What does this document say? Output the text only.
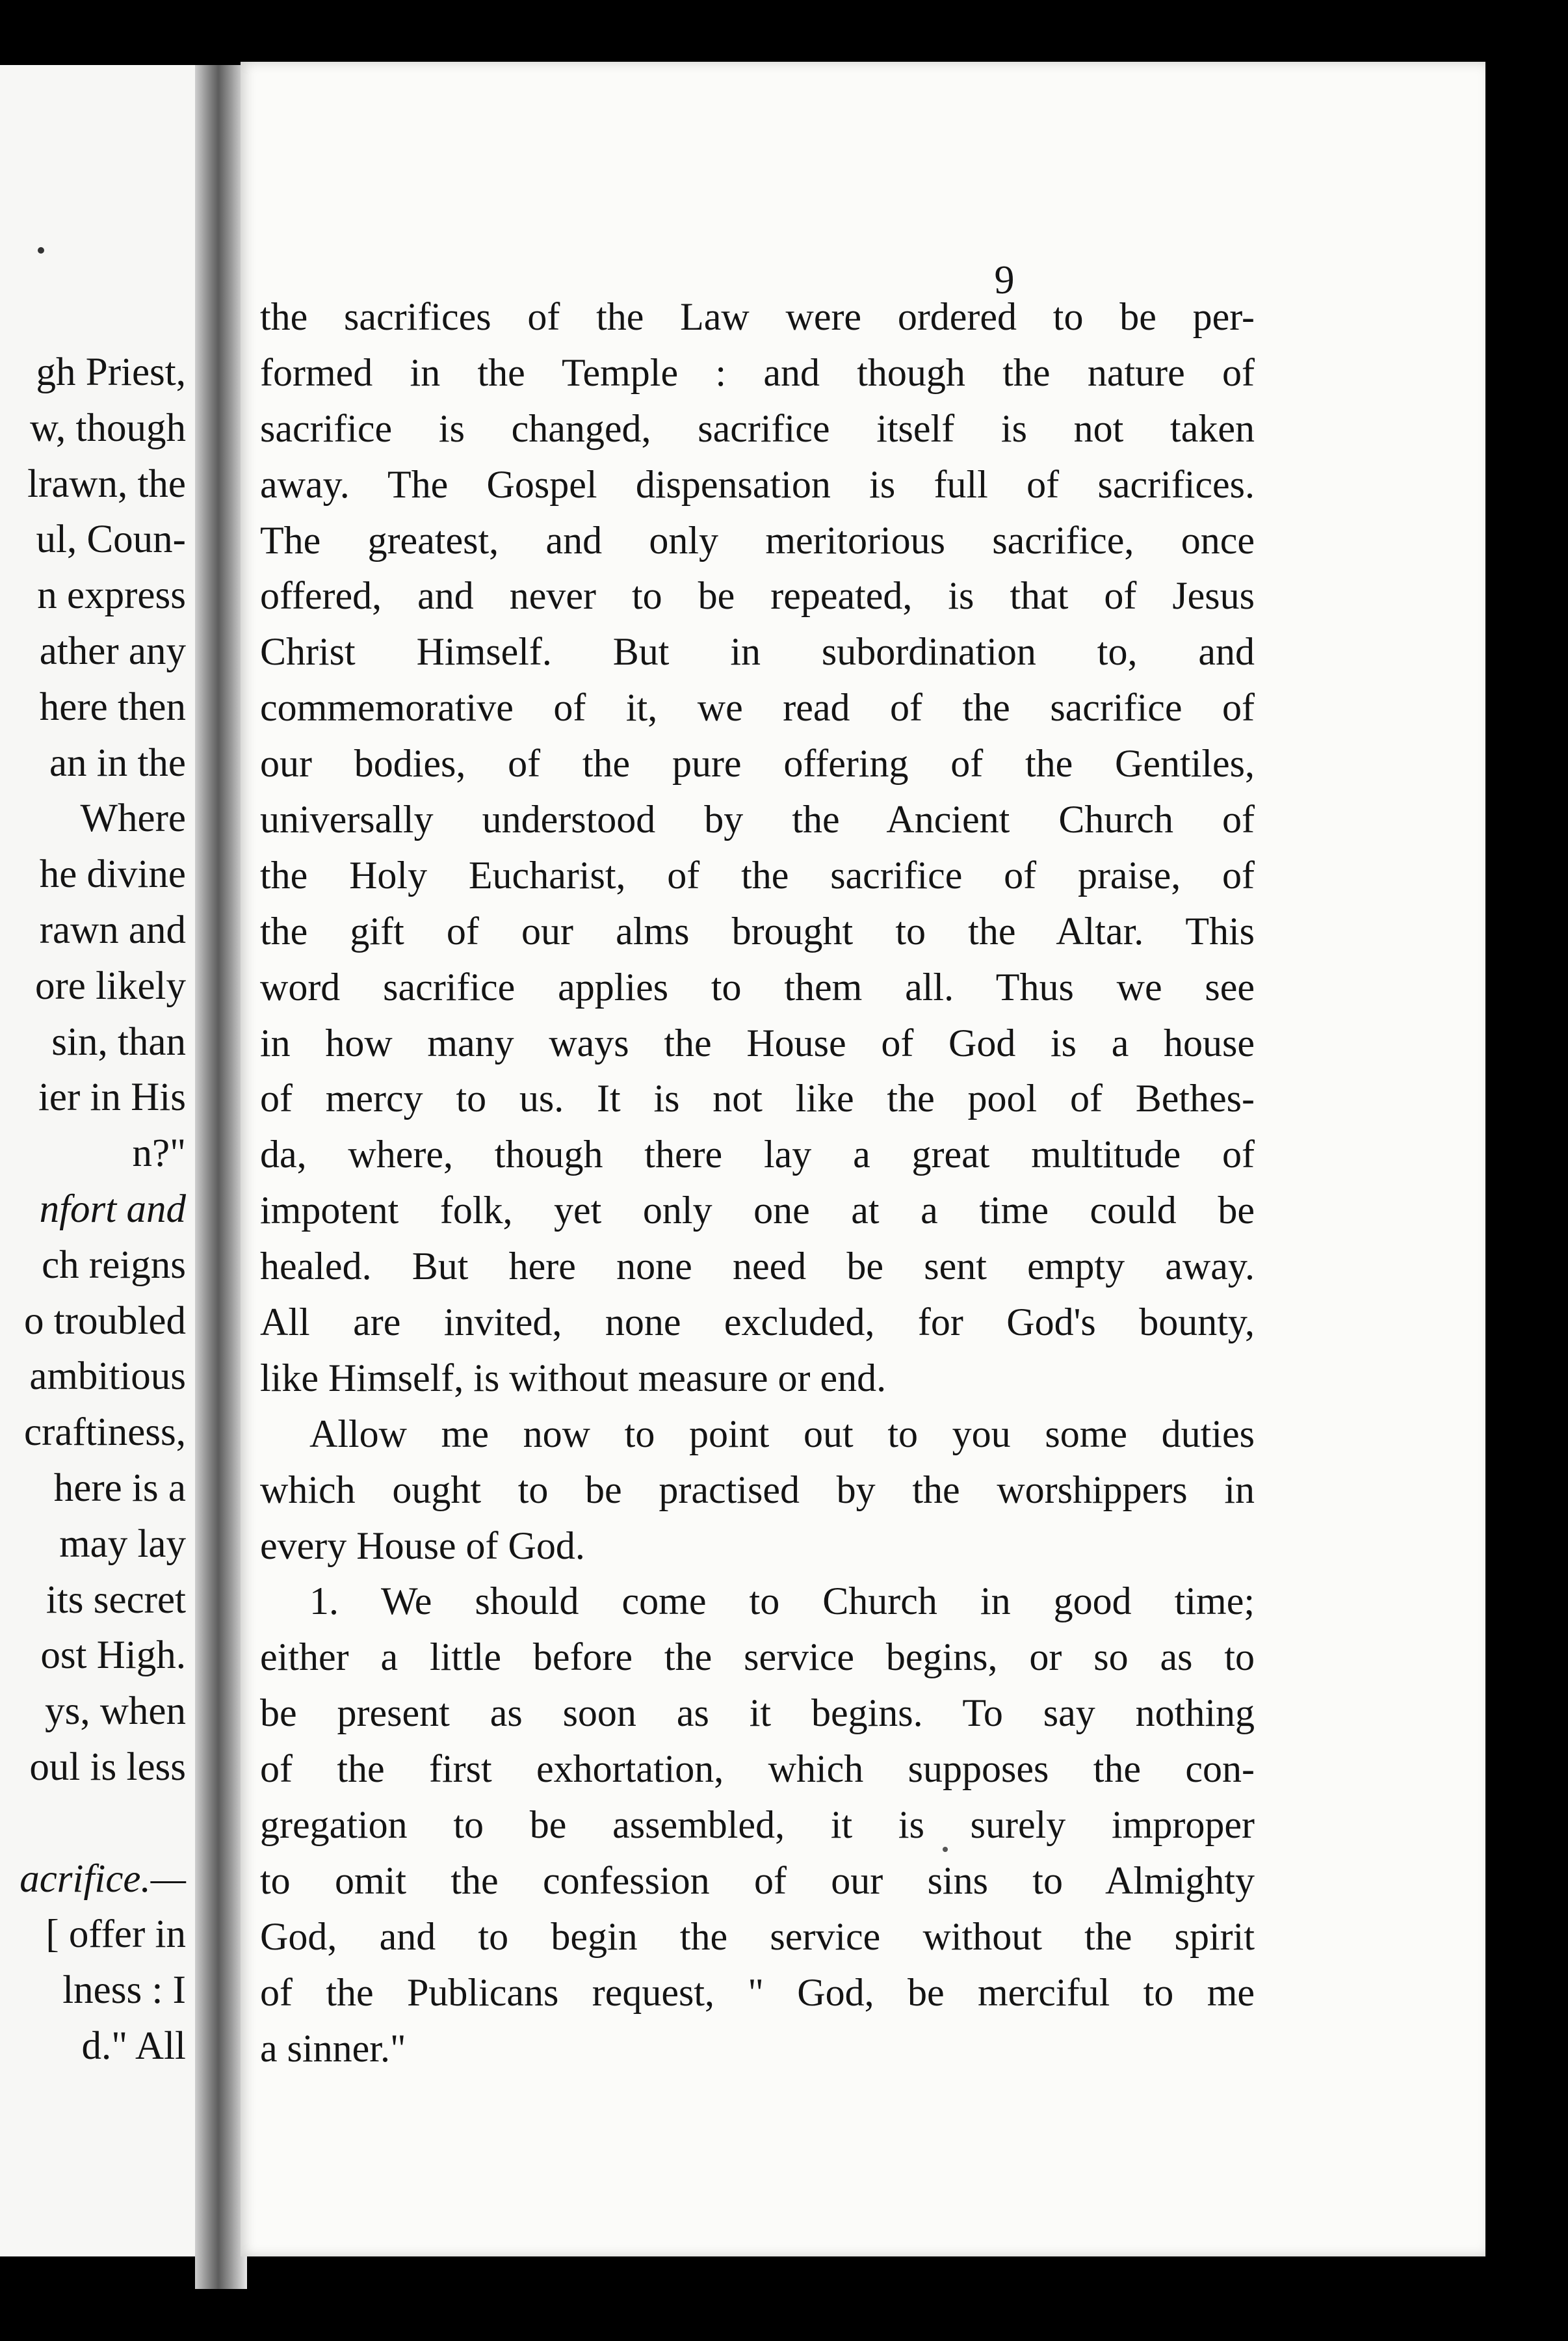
gh Priest,
w, though
lrawn, the
ul, Coun-
n express
ather any
here then
an in the
Where
he divine
rawn and
ore likely
sin, than
ier in His
n?"
nfort and
ch reigns
o troubled
ambitious
craftiness,
here is a
may lay
its secret
ost High.
ys, when
oul is less
acrifice.—
[ offer in
lness : I
d." All
9
the sacrifices of the Law were ordered to be per-
formed in the Temple : and though the nature of
sacrifice is changed, sacrifice itself is not taken
away. The Gospel dispensation is full of sacrifices.
The greatest, and only meritorious sacrifice, once
offered, and never to be repeated, is that of Jesus
Christ Himself. But in subordination to, and
commemorative of it, we read of the sacrifice of
our bodies, of the pure offering of the Gentiles,
universally understood by the Ancient Church of
the Holy Eucharist, of the sacrifice of praise, of
the gift of our alms brought to the Altar. This
word sacrifice applies to them all. Thus we see
in how many ways the House of God is a house
of mercy to us. It is not like the pool of Bethes-
da, where, though there lay a great multitude of
impotent folk, yet only one at a time could be
healed. But here none need be sent empty away.
All are invited, none excluded, for God's bounty,
like Himself, is without measure or end.
Allow me now to point out to you some duties
which ought to be practised by the worshippers in
every House of God.
1. We should come to Church in good time;
either a little before the service begins, or so as to
be present as soon as it begins. To say nothing
of the first exhortation, which supposes the con-
gregation to be assembled, it is surely improper
to omit the confession of our sins to Almighty
God, and to begin the service without the spirit
of the Publicans request, " God, be merciful to me
a sinner."
